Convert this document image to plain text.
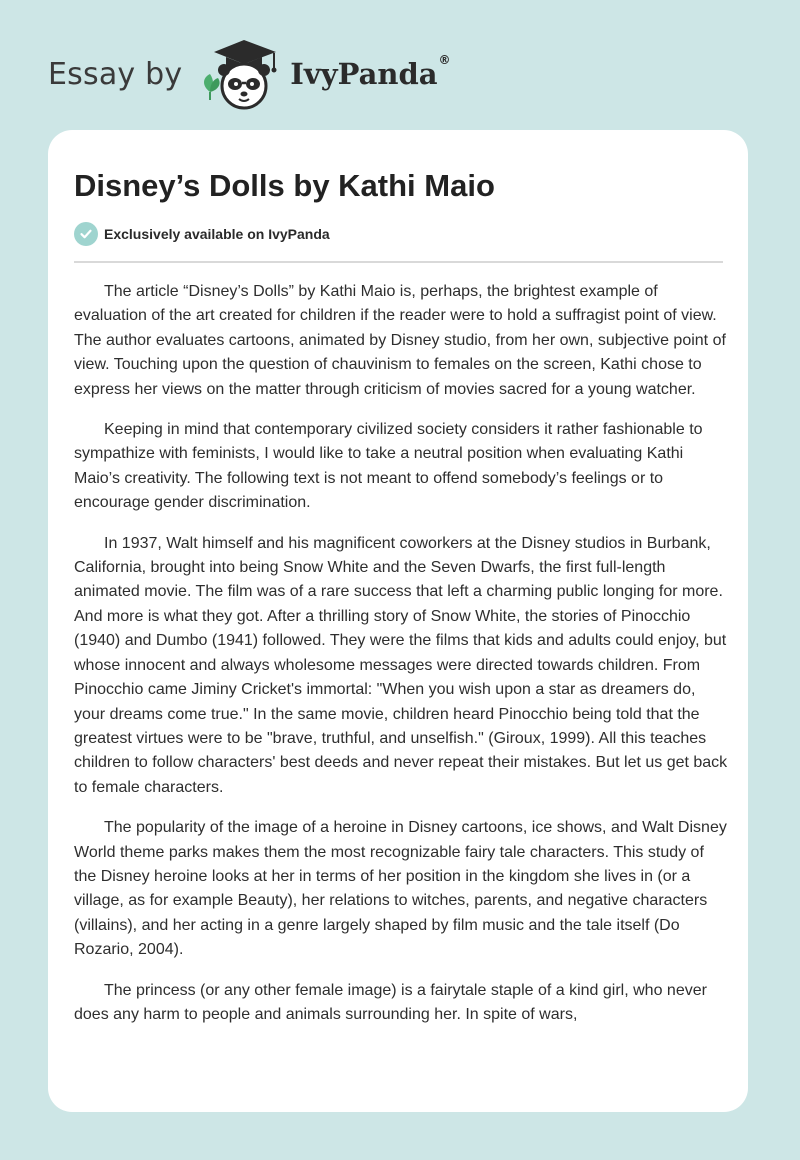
Essay by	IvyPanda®
Disney’s Dolls by Kathi Maio
Exclusively available on IvyPanda

The article “Disney’s Dolls” by Kathi Maio is, perhaps, the brightest example of evaluation of the art created for children if the reader were to hold a suffragist point of view. The author evaluates cartoons, animated by Disney studio, from her own, subjective point of view. Touching upon the question of chauvinism to females on the screen, Kathi chose to express her views on the matter through criticism of movies sacred for a young watcher.

Keeping in mind that contemporary civilized society considers it rather fashionable to sympathize with feminists, I would like to take a neutral position when evaluating Kathi Maio’s creativity. The following text is not meant to offend somebody’s feelings or to encourage gender discrimination.

In 1937, Walt himself and his magnificent coworkers at the Disney studios in Burbank, California, brought into being Snow White and the Seven Dwarfs, the first full-length animated movie. The film was of a rare success that left a charming public longing for more. And more is what they got. After a thrilling story of Snow White, the stories of Pinocchio (1940) and Dumbo (1941) followed. They were the films that kids and adults could enjoy, but whose innocent and always wholesome messages were directed towards children. From Pinocchio came Jiminy Cricket's immortal: "When you wish upon a star as dreamers do, your dreams come true." In the same movie, children heard Pinocchio being told that the greatest virtues were to be "brave, truthful, and unselfish." (Giroux, 1999). All this teaches children to follow characters' best deeds and never repeat their mistakes. But let us get back to female characters.

The popularity of the image of a heroine in Disney cartoons, ice shows, and Walt Disney World theme parks makes them the most recognizable fairy tale characters. This study of the Disney heroine looks at her in terms of her position in the kingdom she lives in (or a village, as for example Beauty), her relations to witches, parents, and negative characters (villains), and her acting in a genre largely shaped by film music and the tale itself (Do Rozario, 2004).

The princess (or any other female image) is a fairytale staple of a kind girl, who never does any harm to people and animals surrounding her. In spite of wars,
